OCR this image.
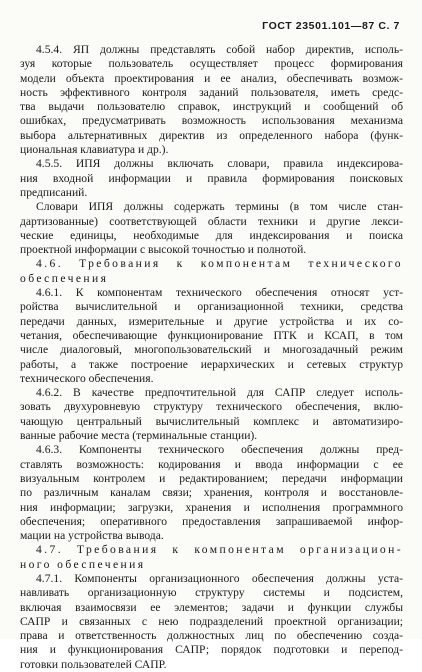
ГОСТ 23501.101—87 С. 7
4.5.4. ЯП должны представлять собой набор директив, исполь-
зуя которые пользователь осуществляет процесс формирования
модели объекта проектирования и ее анализ, обеспечивать возмож-
ность эффективного контроля заданий пользователя, иметь средс-
тва выдачи пользователю справок, инструкций и сообщений об
ошибках, предусматривать возможность использования механизма
выбора альтернативных директив из определенного набора (функ-
циональная клавиатура и др.).
4.5.5. ИПЯ должны включать словари, правила индексирова-
ния входной информации и правила формирования поисковых
предписаний.
Словари ИПЯ должны содержать термины (в том числе стан-
дартизованные) соответствующей области техники и другие лекси-
ческие единицы, необходимые для индексирования и поиска
проектной информации с высокой точностью и полнотой.
4.6. Требования к компонентам технического
обеспечения
4.6.1. К компонентам технического обеспечения относят уст-
ройства вычислительной и организационной техники, средства
передачи данных, измерительные и другие устройства и их со-
четания, обеспечивающие функционирование ПТК и КСАП, в том
числе диалоговый, многопользовательский и многозадачный режим
работы, а также построение иерархических и сетевых структур
технического обеспечения.
4.6.2. В качестве предпочтительной для САПР следует исполь-
зовать двухуровневую структуру технического обеспечения, вклю-
чающую центральный вычислительный комплекс и автоматизиро-
ванные рабочие места (терминальные станции).
4.6.3. Компоненты технического обеспечения должны пред-
ставлять возможность: кодирования и ввода информации с ее
визуальным контролем и редактированием; передачи информации
по различным каналам связи; хранения, контроля и восстановле-
ния информации; загрузки, хранения и исполнения программного
обеспечения; оперативного предоставления запрашиваемой инфор-
мации на устройства вывода.
4.7. Требования к компонентам организацион-
ного обеспечения
4.7.1. Компоненты организационного обеспечения должны уста-
навливать организационную структуру системы и подсистем,
включая взаимосвязи ее элементов; задачи и функции службы
САПР и связанных с нею подразделений проектной организации;
права и ответственность должностных лиц по обеспечению созда-
ния и функционирования САПР; порядок подготовки и перепод-
готовки пользователей САПР.
